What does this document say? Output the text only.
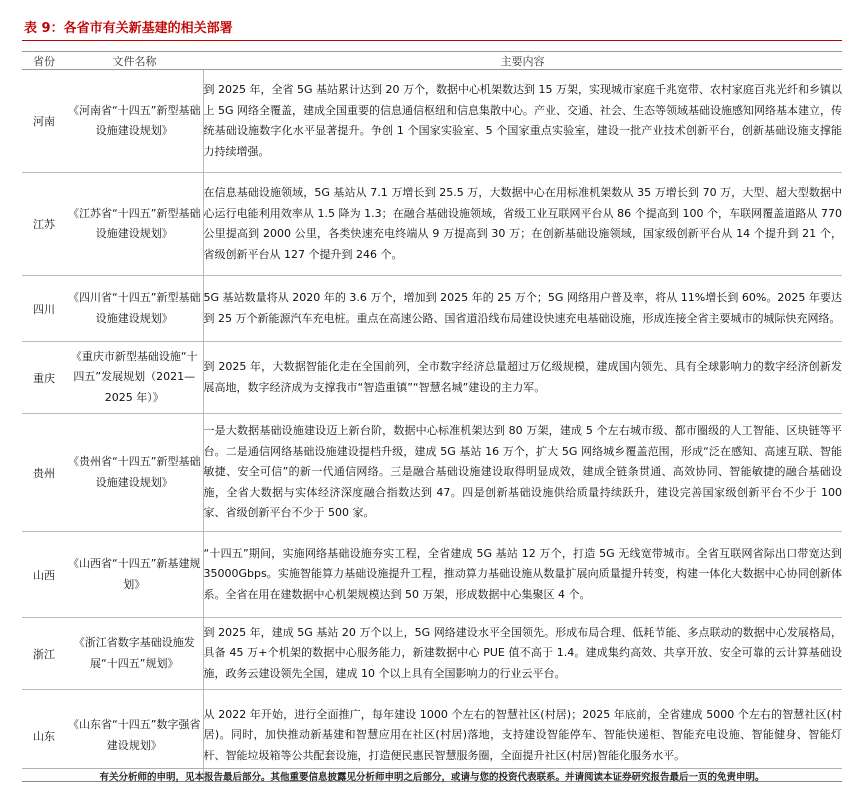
表 9：各省市有关新基建的相关部署
省份	文件名称	主要内容
河南	《河南省“十四五”新型基础设施建设规划》	到 2025 年，全省 5G 基站累计达到 20 万个，数据中心机架数达到 15 万架，实现城市家庭千兆宽带、农村家庭百兆光纤和乡镇以上 5G 网络全覆盖，建成全国重要的信息通信枢纽和信息集散中心。产业、交通、社会、生态等领域基础设施感知网络基本建立，传统基础设施数字化水平显著提升。争创 1 个国家实验室、5 个国家重点实验室，建设一批产业技术创新平台，创新基础设施支撑能力持续增强。
江苏	《江苏省“十四五”新型基础设施建设规划》	在信息基础设施领域，5G 基站从 7.1 万增长到 25.5 万，大数据中心在用标准机架数从 35 万增长到 70 万，大型、超大型数据中心运行电能利用效率从 1.5 降为 1.3；在融合基础设施领域，省级工业互联网平台从 86 个提高到 100 个，车联网覆盖道路从 770 公里提高到 2000 公里，各类快速充电终端从 9 万提高到 30 万；在创新基础设施领域，国家级创新平台从 14 个提升到 21 个，省级创新平台从 127 个提升到 246 个。
四川	《四川省“十四五”新型基础设施建设规划》	5G 基站数量将从 2020 年的 3.6 万个，增加到 2025 年的 25 万个；5G 网络用户普及率，将从 11%增长到 60%。2025 年要达到 25 万个新能源汽车充电桩。重点在高速公路、国省道沿线布局建设快速充电基础设施，形成连接全省主要城市的城际快充网络。
重庆	《重庆市新型基础设施“十四五”发展规划（2021—2025 年）》	到 2025 年，大数据智能化走在全国前列，全市数字经济总量超过万亿级规模，建成国内领先、具有全球影响力的数字经济创新发展高地，数字经济成为支撑我市“智造重镇”“智慧名城”建设的主力军。
贵州	《贵州省“十四五”新型基础设施建设规划》	一是大数据基础设施建设迈上新台阶，数据中心标准机架达到 80 万架，建成 5 个左右城市级、都市圈级的人工智能、区块链等平台。二是通信网络基础设施建设提档升级，建成 5G 基站 16 万个，扩大 5G 网络城乡覆盖范围，形成“泛在感知、高速互联、智能敏捷、安全可信”的新一代通信网络。三是融合基础设施建设取得明显成效，建成全链条贯通、高效协同、智能敏捷的融合基础设施，全省大数据与实体经济深度融合指数达到 47。四是创新基础设施供给质量持续跃升，建设完善国家级创新平台不少于 100 家、省级创新平台不少于 500 家。
山西	《山西省“十四五”新基建规划》	“十四五”期间，实施网络基础设施夯实工程，全省建成 5G 基站 12 万个，打造 5G 无线宽带城市。全省互联网省际出口带宽达到 35000Gbps。实施智能算力基础设施提升工程，推动算力基础设施从数量扩展向质量提升转变，构建一体化大数据中心协同创新体系。全省在用在建数据中心机架规模达到 50 万架，形成数据中心集聚区 4 个。
浙江	《浙江省数字基础设施发展“十四五”规划》	到 2025 年，建成 5G 基站 20 万个以上，5G 网络建设水平全国领先。形成布局合理、低耗节能、多点联动的数据中心发展格局，具备 45 万+个机架的数据中心服务能力，新建数据中心 PUE 值不高于 1.4。建成集约高效、共享开放、安全可靠的云计算基础设施，政务云建设领先全国，建成 10 个以上具有全国影响力的行业云平台。
山东	《山东省“十四五”数字强省建设规划》	从 2022 年开始，进行全面推广，每年建设 1000 个左右的智慧社区(村居)；2025 年底前，全省建成 5000 个左右的智慧社区(村居)。同时，加快推动新基建和智慧应用在社区(村居)落地，支持建设智能停车、智能快递柜、智能充电设施、智能健身、智能灯杆、智能垃圾箱等公共配套设施，打造便民惠民智慧服务圈，全面提升社区(村居)智能化服务水平。
有关分析师的申明，见本报告最后部分。其他重要信息披露见分析师申明之后部分，或请与您的投资代表联系。并请阅读本证券研究报告最后一页的免责申明。
